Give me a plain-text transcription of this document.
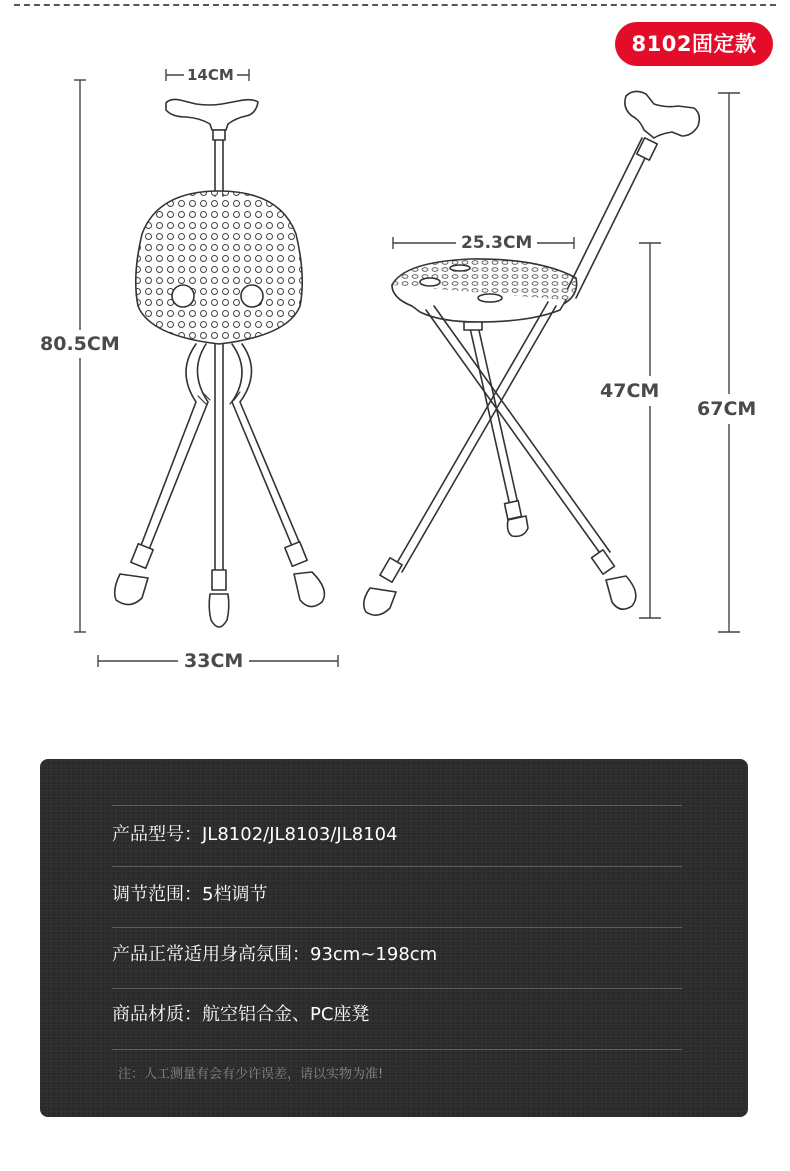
8102固定款
14CM
80.5CM
33CM
25.3CM
47CM
67CM
产品型号：JL8102/JL8103/JL8104
调节范围：5档调节
产品正常适用身高氛围：93cm~198cm
商品材质：航空铝合金、PC座凳
注：人工测量有会有少许误差，请以实物为准!
